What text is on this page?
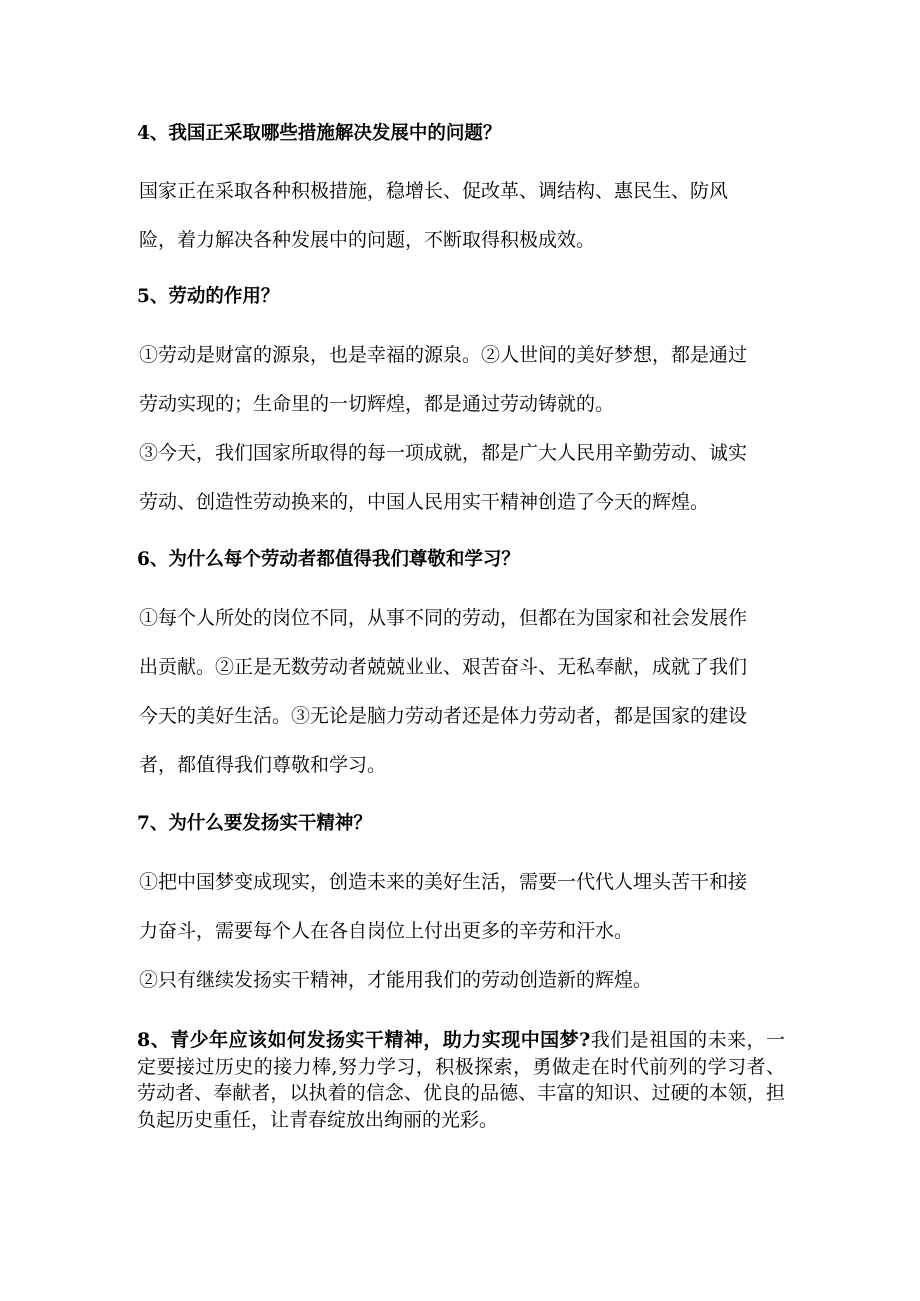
4、我国正采取哪些措施解决发展中的问题？
国家正在采取各种积极措施，稳增长、促改革、调结构、惠民生、防风
险，着力解决各种发展中的问题，不断取得积极成效。
5、劳动的作用？
①劳动是财富的源泉，也是幸福的源泉。②人世间的美好梦想，都是通过
劳动实现的；生命里的一切辉煌，都是通过劳动铸就的。
③今天，我们国家所取得的每一项成就，都是广大人民用辛勤劳动、诚实
劳动、创造性劳动换来的，中国人民用实干精神创造了今天的辉煌。
6、为什么每个劳动者都值得我们尊敬和学习？
①每个人所处的岗位不同，从事不同的劳动，但都在为国家和社会发展作
出贡献。②正是无数劳动者兢兢业业、艰苦奋斗、无私奉献，成就了我们
今天的美好生活。③无论是脑力劳动者还是体力劳动者，都是国家的建设
者，都值得我们尊敬和学习。
7、为什么要发扬实干精神？
①把中国梦变成现实，创造未来的美好生活，需要一代代人埋头苦干和接
力奋斗，需要每个人在各自岗位上付出更多的辛劳和汗水。
②只有继续发扬实干精神，才能用我们的劳动创造新的辉煌。
8、青少年应该如何发扬实干精神，助力实现中国梦?我们是祖国的未来，一定要接过历史的接力棒,努力学习，积极探索，勇做走在时代前列的学习者、劳动者、奉献者，以执着的信念、优良的品德、丰富的知识、过硬的本领，担负起历史重任，让青春绽放出绚丽的光彩。
